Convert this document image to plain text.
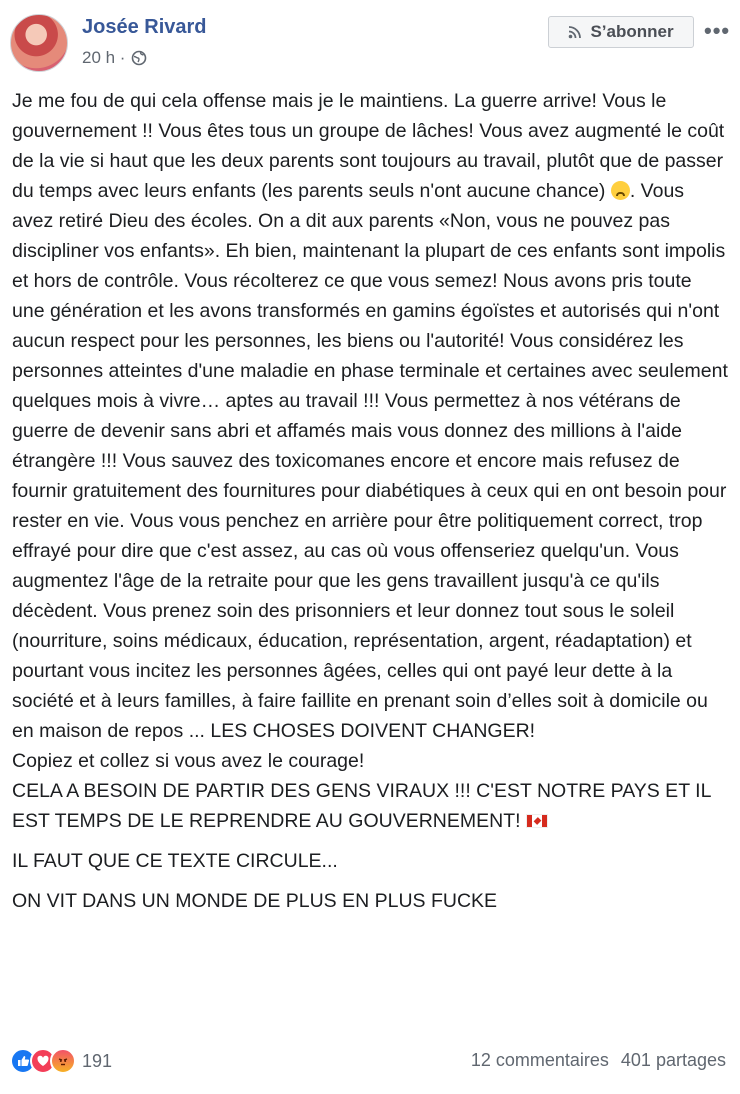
Josée Rivard
20 h ·
S’abonner •••

Je me fou de qui cela offense mais je le maintiens. La guerre arrive! Vous le gouvernement !! Vous êtes tous un groupe de lâches! Vous avez augmenté le coût de la vie si haut que les deux parents sont toujours au travail, plutôt que de passer du temps avec leurs enfants (les parents seuls n'ont aucune chance) . Vous avez retiré Dieu des écoles. On a dit aux parents «Non, vous ne pouvez pas discipliner vos enfants». Eh bien, maintenant la plupart de ces enfants sont impolis et hors de contrôle. Vous récolterez ce que vous semez! Nous avons pris toute une génération et les avons transformés en gamins égoïstes et autorisés qui n'ont aucun respect pour les personnes, les biens ou l'autorité! Vous considérez les personnes atteintes d'une maladie en phase terminale et certaines avec seulement quelques mois à vivre… aptes au travail !!! Vous permettez à nos vétérans de guerre de devenir sans abri et affamés mais vous donnez des millions à l'aide étrangère !!! Vous sauvez des toxicomanes encore et encore mais refusez de fournir gratuitement des fournitures pour diabétiques à ceux qui en ont besoin pour rester en vie. Vous vous penchez en arrière pour être politiquement correct, trop effrayé pour dire que c'est assez, au cas où vous offenseriez quelqu'un. Vous augmentez l'âge de la retraite pour que les gens travaillent jusqu'à ce qu'ils décèdent. Vous prenez soin des prisonniers et leur donnez tout sous le soleil (nourriture, soins médicaux, éducation, représentation, argent, réadaptation) et pourtant vous incitez les personnes âgées, celles qui ont payé leur dette à la société et à leurs familles, à faire faillite en prenant soin d’elles soit à domicile ou en maison de repos ... LES CHOSES DOIVENT CHANGER!

Copiez et collez si vous avez le courage!

CELA A BESOIN DE PARTIR DES GENS VIRAUX !!! C'EST NOTRE PAYS ET IL EST TEMPS DE LE REPRENDRE AU GOUVERNEMENT!

IL FAUT QUE CE TEXTE CIRCULE...

ON VIT DANS UN MONDE DE PLUS EN PLUS FUCKE

191	12 commentaires 401 partages
